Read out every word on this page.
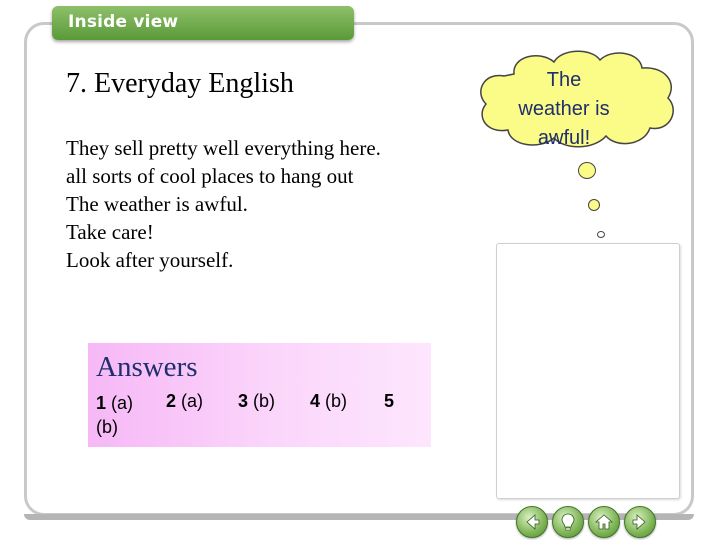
Inside view
7. Everyday English
They sell pretty well everything here.
all sorts of cool places to hang out
The weather is awful.
Take care!
Look after yourself.
Answers
1 (a)
(b)
2 (a) 3 (b) 4 (b) 5
The
weather is
awful!
